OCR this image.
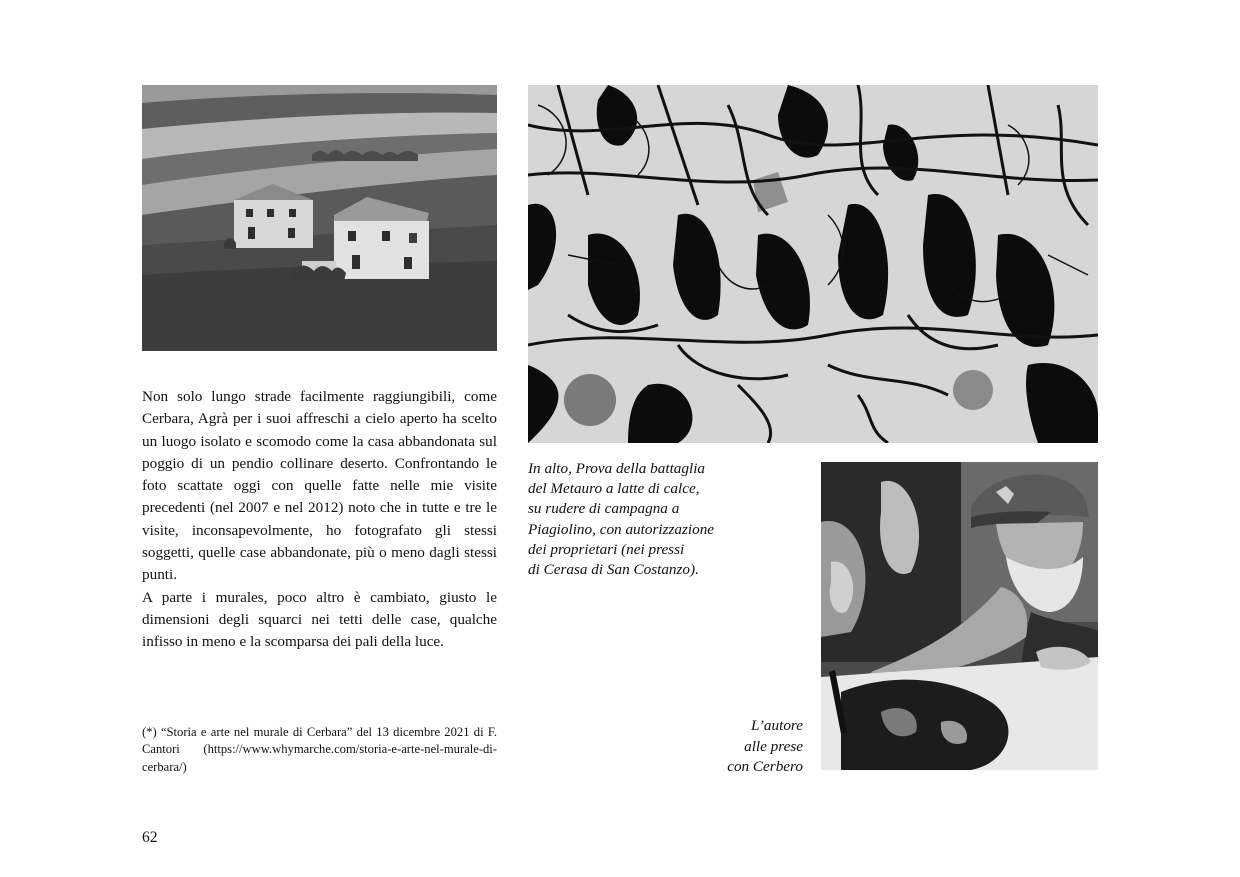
Non solo lungo strade facilmente raggiungibili, come Cerbara, Agrà per i suoi affreschi a cielo aperto ha scelto un luogo isolato e scomodo come la casa abbandonata sul poggio di un pendio collinare deserto. Confrontando le foto scattate oggi con quelle fatte nelle mie visite precedenti (nel 2007 e nel 2012) noto che in tutte e tre le visite, inconsapevolmente, ho fotografato gli stessi soggetti, quelle case abbandonate, più o meno dagli stessi punti.

A parte i murales, poco altro è cambiato, giusto le dimensioni degli squarci nei tetti delle case, qualche infisso in meno e la scomparsa dei pali della luce.

In alto, Prova della battaglia
del Metauro a latte di calce,
su rudere di campagna a
Piagiolino, con autorizzazione
dei proprietari (nei pressi
di Cerasa di San Costanzo).
L’autore
alle prese
con Cerbero
(*) “Storia e arte nel murale di Cerbara” del 13 dicembre 2021 di F. Cantori (https://www.whymarche.com/storia-e-arte-nel-murale-di-cerbara/)
62
